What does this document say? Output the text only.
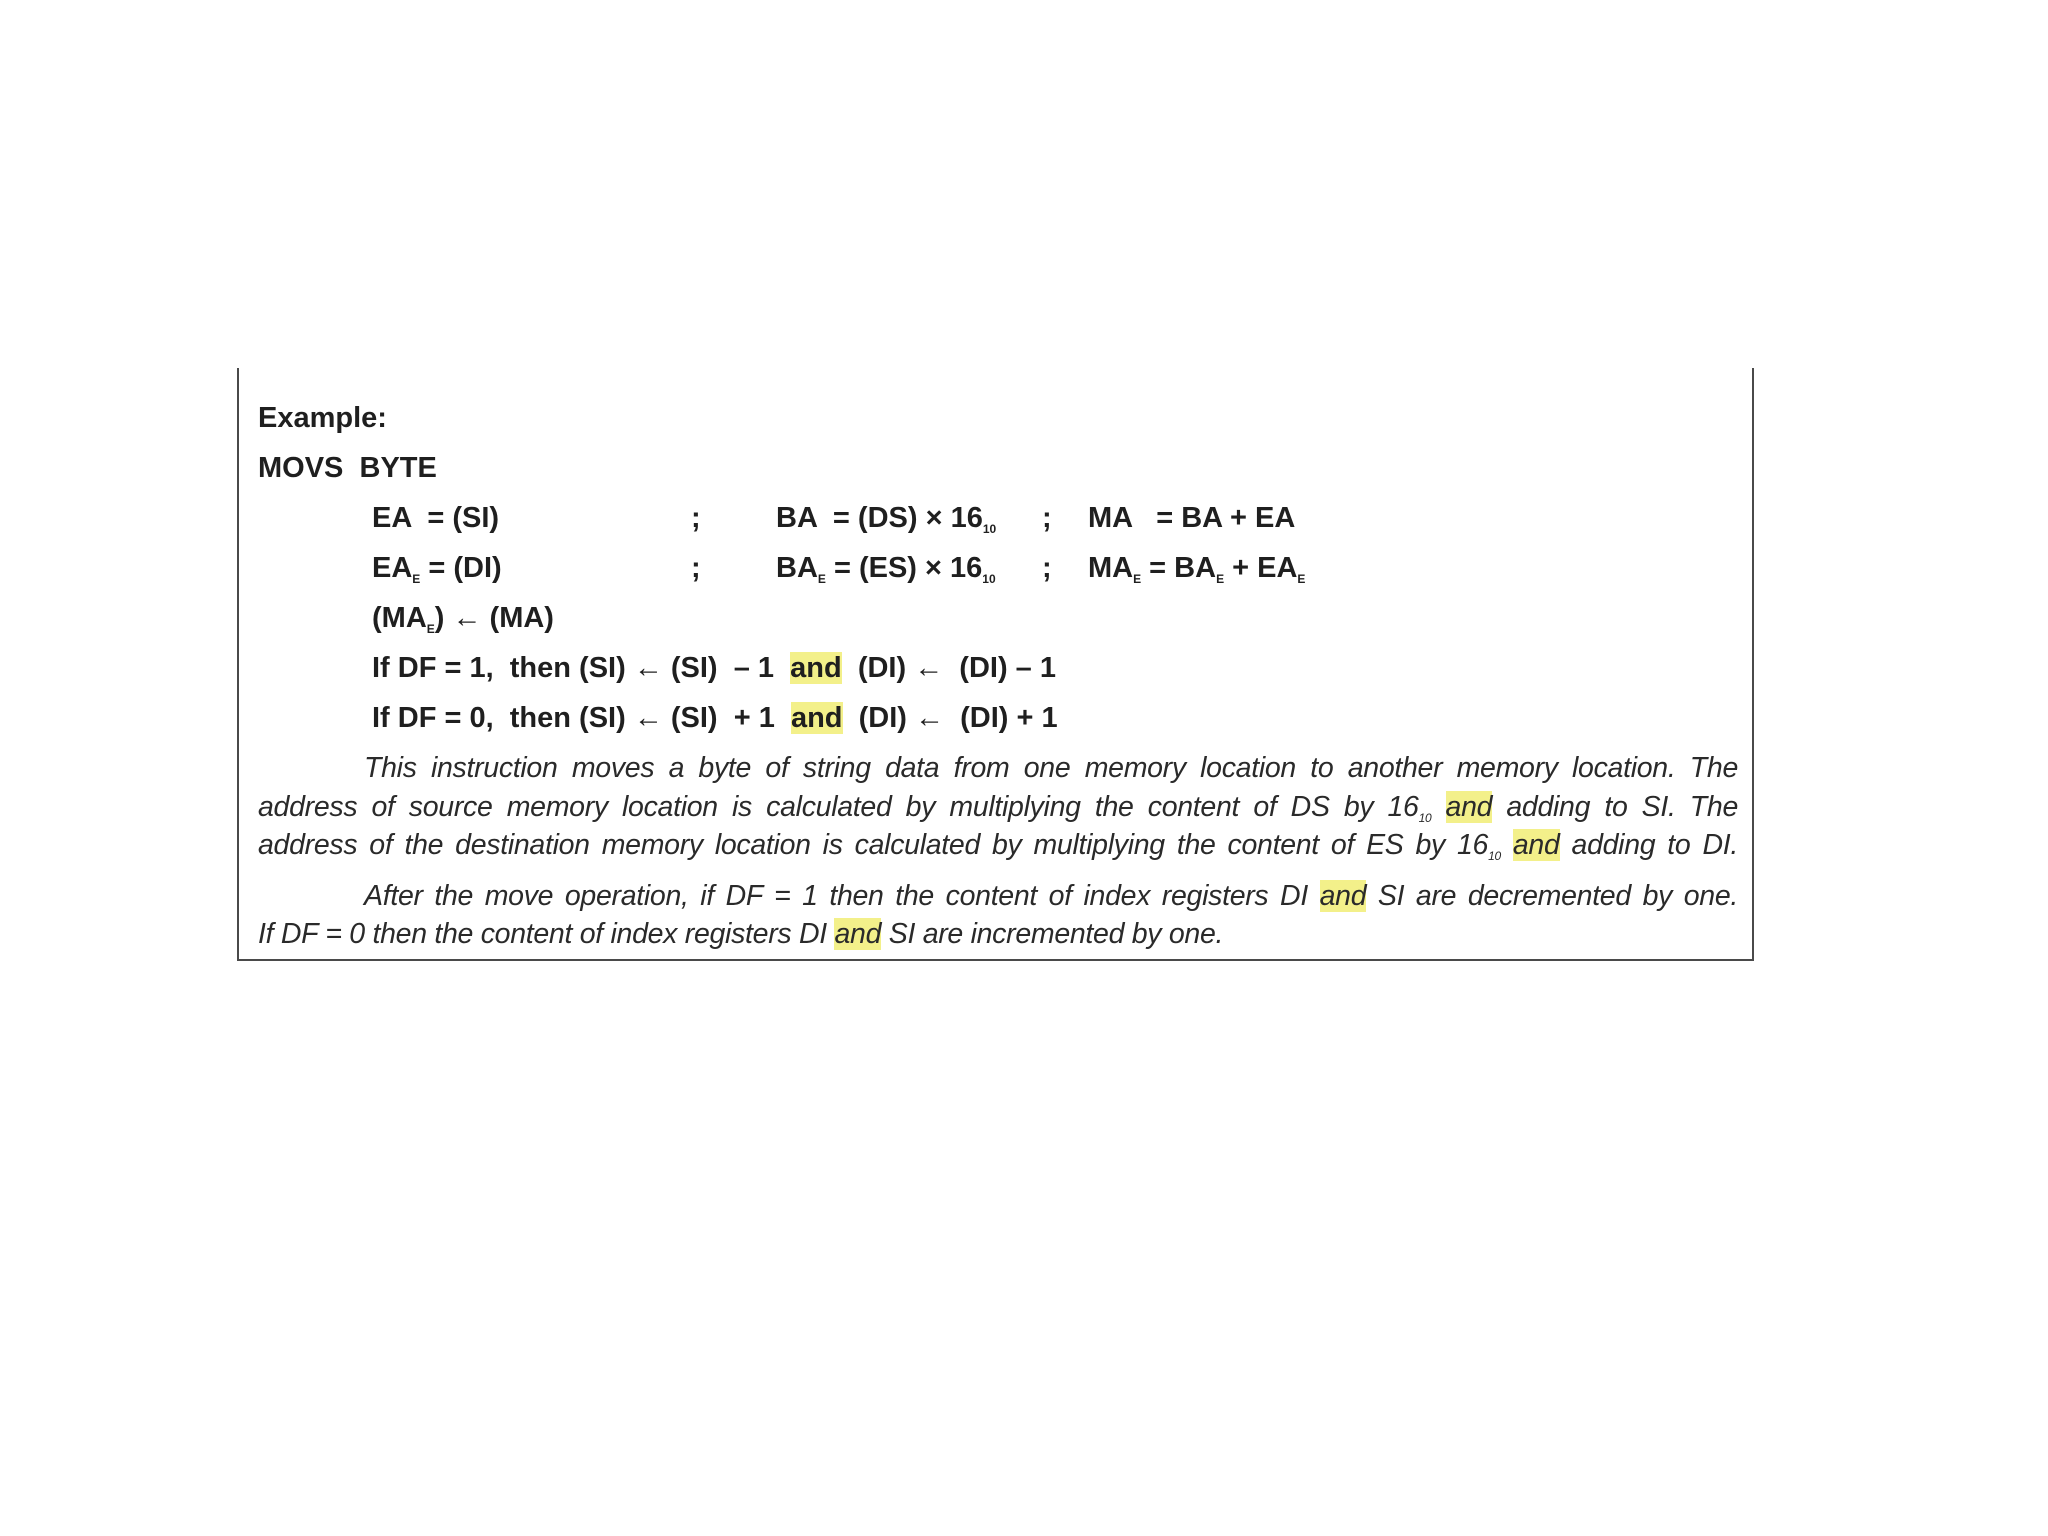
Example:
MOVS  BYTE
EA  = (SI)	;	BA  = $(DS) \times 16_{10}$ ; MA   = BA + EA
$EA_E = (DI)$	;	$BA_E = (ES) \times 16_{10}$ ; $MA_E = BA_E + EA_E$
$(MA_E)$ ← (MA)
If DF = 1,  then (SI) ← (SI)  – 1  and  (DI) ←  (DI) – 1
If DF = 0,  then (SI) ← (SI)  + 1  and  (DI) ←  (DI) + 1
This instruction moves a byte of string data from one memory location to another memory location. The
address of source memory location is calculated by multiplying the content of DS by $16_{10}$ and adding to SI. The
address of the destination memory location is calculated by multiplying the content of ES by $16_{10}$ and adding to DI.
After the move operation, if DF = 1 then the content of index registers DI and SI are decremented by one.
If DF = 0 then the content of index registers DI and SI are incremented by one.
